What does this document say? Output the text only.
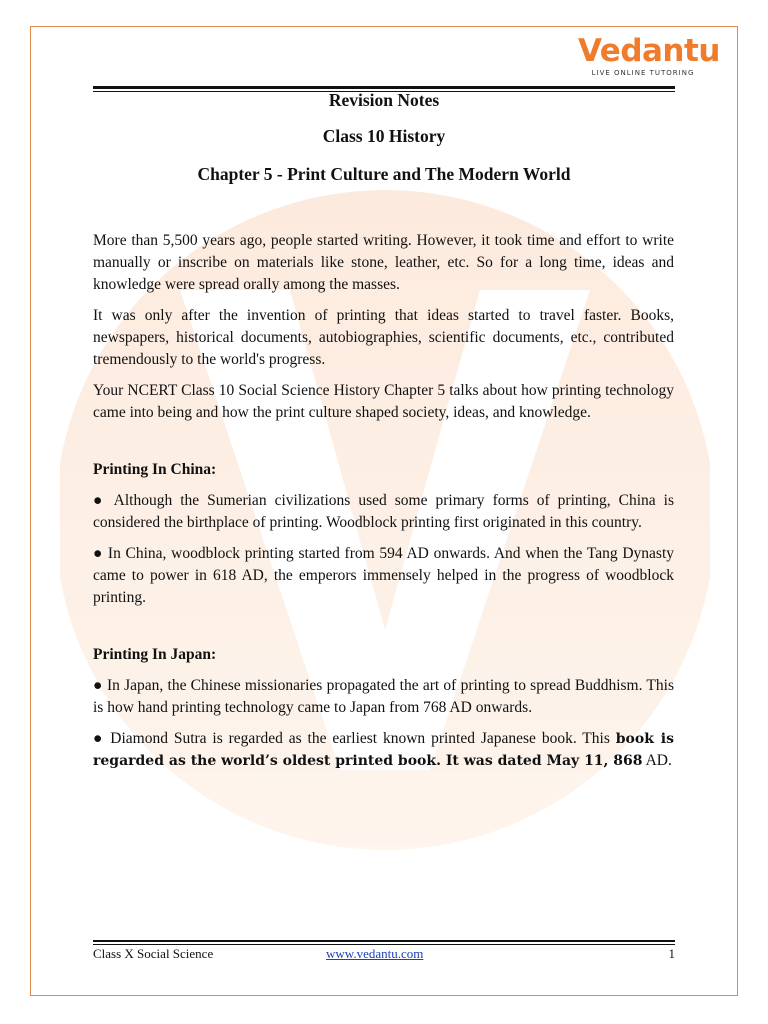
Vedantu
LIVE ONLINE TUTORING
Revision Notes
Class 10 History
Chapter 5 - Print Culture and The Modern World

More than 5,500 years ago, people started writing. However, it took time and effort to write manually or inscribe on materials like stone, leather, etc. So for a long time, ideas and knowledge were spread orally among the masses.

It was only after the invention of printing that ideas started to travel faster. Books, newspapers, historical documents, autobiographies, scientific documents, etc., contributed tremendously to the world's progress.

Your NCERT Class 10 Social Science History Chapter 5 talks about how printing technology came into being and how the print culture shaped society, ideas, and knowledge.

Printing In China:

● Although the Sumerian civilizations used some primary forms of printing, China is considered the birthplace of printing. Woodblock printing first originated in this country.

● In China, woodblock printing started from 594 AD onwards. And when the Tang Dynasty came to power in 618 AD, the emperors immensely helped in the progress of woodblock printing.

Printing In Japan:

● In Japan, the Chinese missionaries propagated the art of printing to spread Buddhism. This is how hand printing technology came to Japan from 768 AD onwards.

● Diamond Sutra is regarded as the earliest known printed Japanese book. This book is regarded as the world’s oldest printed book. It was dated May 11, 868 AD.

Class X Social Science	www.vedantu.com	1
